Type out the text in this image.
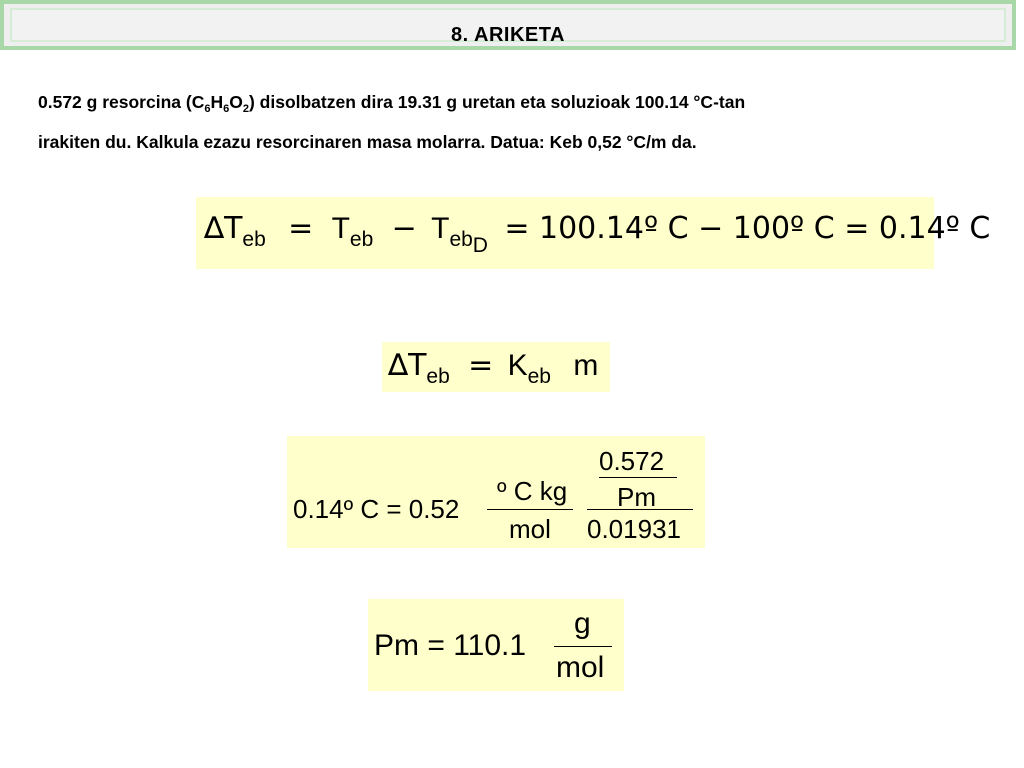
8. ARIKETA
0.572 g resorcina $(C_6H_6O_2)$ disolbatzen dira 19.31 g uretan eta soluzioak 100.14 °C-tan
irakiten du. Kalkula ezazu resorcinaren masa molarra. Datua: Keb 0,52 °C/m da.
$\Delta T_{eb} = T_{eb} - T_{ebD}$ = 100.14º C − 100º C = 0.14º C
$\Delta T_{eb} = K_{eb}$ m
0.14º C = 0.52
º C kg
mol
0.572
Pm
0.01931
Pm = 110.1
g
mol
